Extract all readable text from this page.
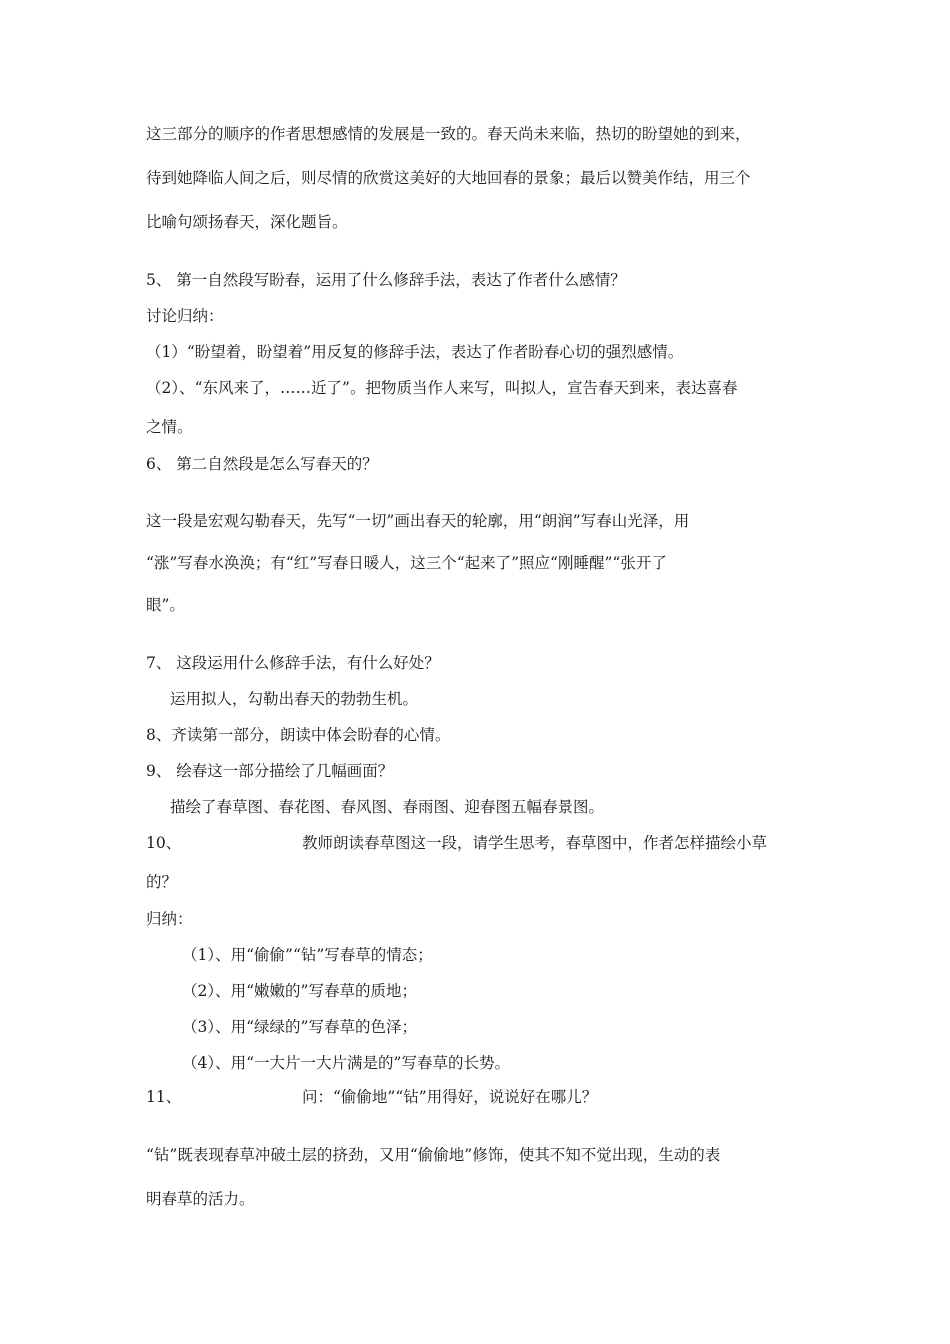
这三部分的顺序的作者思想感情的发展是一致的。春天尚未来临，热切的盼望她的到来，
待到她降临人间之后，则尽情的欣赏这美好的大地回春的景象；最后以赞美作结，用三个
比喻句颂扬春天，深化题旨。
5、 第一自然段写盼春，运用了什么修辞手法，表达了作者什么感情？
讨论归纳：
（1）“盼望着，盼望着”用反复的修辞手法，表达了作者盼春心切的强烈感情。
（2）、“东风来了，……近了”。把物质当作人来写，叫拟人，宣告春天到来，表达喜春
之情。
6、 第二自然段是怎么写春天的？
这一段是宏观勾勒春天，先写“一切”画出春天的轮廓，用“朗润”写春山光泽，用
“涨”写春水涣涣；有“红”写春日暖人，这三个“起来了”照应“刚睡醒”“张开了
眼”。
7、 这段运用什么修辞手法，有什么好处？
运用拟人，勾勒出春天的勃勃生机。
8、齐读第一部分，朗读中体会盼春的心情。
9、 绘春这一部分描绘了几幅画面？
描绘了春草图、春花图、春风图、春雨图、迎春图五幅春景图。
10、	教师朗读春草图这一段，请学生思考，春草图中，作者怎样描绘小草
的？
归纳：
（1）、用“偷偷”“钻”写春草的情态；
（2）、用“嫩嫩的”写春草的质地；
（3）、用“绿绿的”写春草的色泽；
（4）、用“一大片一大片满是的”写春草的长势。
11、	问：“偷偷地”“钻”用得好，说说好在哪儿？
“钻”既表现春草冲破土层的挤劲，又用“偷偷地”修饰，使其不知不觉出现，生动的表
明春草的活力。
